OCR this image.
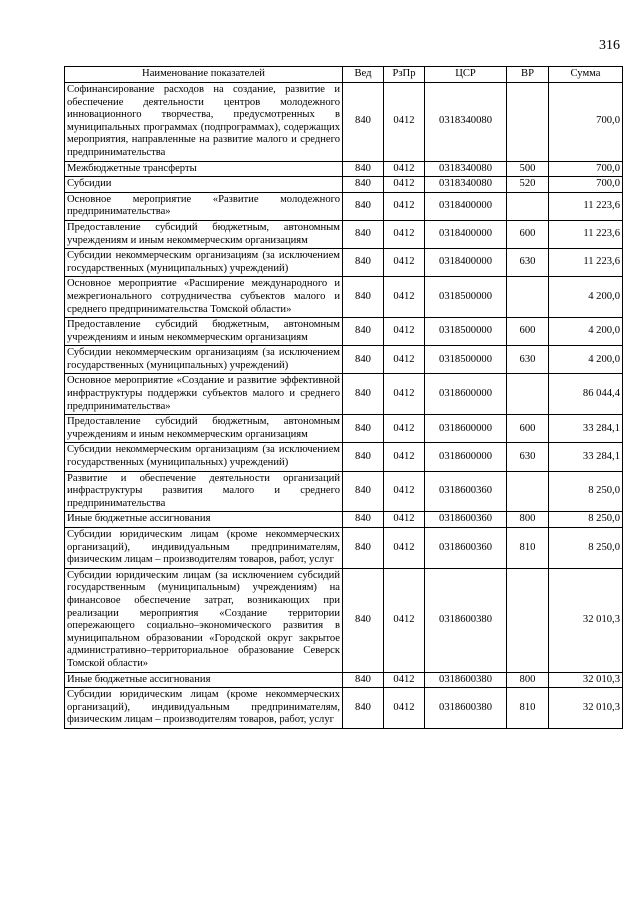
316
Наименование показателей	Вед	РзПр	ЦСР	ВР	Сумма
Софинансирование расходов на создание, развитие и обеспечение деятельности центров молодежного инновационного творчества, предусмотренных в муниципальных программах (подпрограммах), содержащих мероприятия, направленные на развитие малого и среднего предпринимательства	840	0412	0318340080		700,0
Межбюджетные трансферты	840	0412	0318340080	500	700,0
Субсидии	840	0412	0318340080	520	700,0
Основное мероприятие «Развитие молодежного предпринимательства»	840	0412	0318400000		11 223,6
Предоставление субсидий бюджетным, автономным учреждениям и иным некоммерческим организациям	840	0412	0318400000	600	11 223,6
Субсидии некоммерческим организациям (за исключением государственных (муниципальных) учреждений)	840	0412	0318400000	630	11 223,6
Основное мероприятие «Расширение международного и межрегионального сотрудничества субъектов малого и среднего предпринимательства Томской области»	840	0412	0318500000		4 200,0
Предоставление субсидий бюджетным, автономным учреждениям и иным некоммерческим организациям	840	0412	0318500000	600	4 200,0
Субсидии некоммерческим организациям (за исключением государственных (муниципальных) учреждений)	840	0412	0318500000	630	4 200,0
Основное мероприятие «Создание и развитие эффективной инфраструктуры поддержки субъектов малого и среднего предпринимательства»	840	0412	0318600000		86 044,4
Предоставление субсидий бюджетным, автономным учреждениям и иным некоммерческим организациям	840	0412	0318600000	600	33 284,1
Субсидии некоммерческим организациям (за исключением государственных (муниципальных) учреждений)	840	0412	0318600000	630	33 284,1
Развитие и обеспечение деятельности организаций инфраструктуры развития малого и среднего предпринимательства	840	0412	0318600360		8 250,0
Иные бюджетные ассигнования	840	0412	0318600360	800	8 250,0
Субсидии юридическим лицам (кроме некоммерческих организаций), индивидуальным предпринимателям, физическим лицам – производителям товаров, работ, услуг	840	0412	0318600360	810	8 250,0
Субсидии юридическим лицам (за исключением субсидий государственным (муниципальным) учреждениям) на финансовое обеспечение затрат, возникающих при реализации мероприятия «Создание территории опережающего социально–экономического развития в муниципальном образовании «Городской округ закрытое административно–территориальное образование Северск Томской области»	840	0412	0318600380		32 010,3
Иные бюджетные ассигнования	840	0412	0318600380	800	32 010,3
Субсидии юридическим лицам (кроме некоммерческих организаций), индивидуальным предпринимателям, физическим лицам – производителям товаров, работ, услуг	840	0412	0318600380	810	32 010,3
